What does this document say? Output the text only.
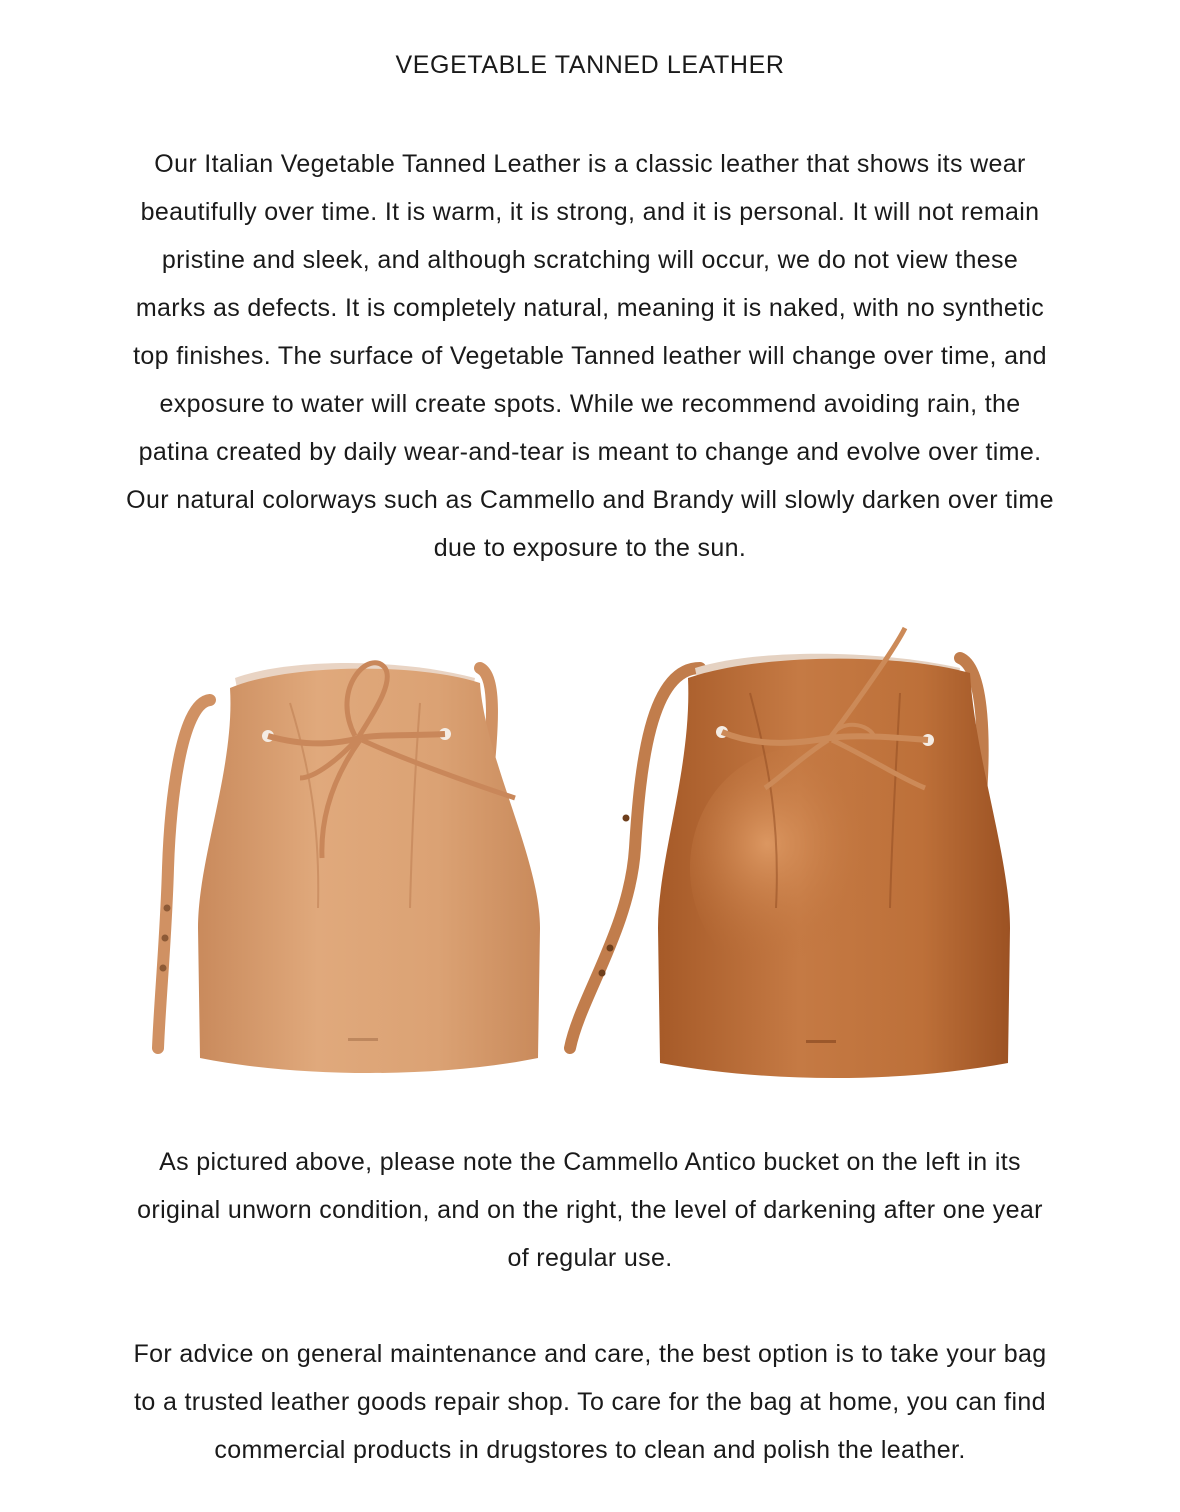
VEGETABLE TANNED LEATHER
Our Italian Vegetable Tanned Leather is a classic leather that shows its wear
beautifully over time. It is warm, it is strong, and it is personal. It will not remain
pristine and sleek, and although scratching will occur, we do not view these
marks as defects. It is completely natural, meaning it is naked, with no synthetic
top finishes. The surface of Vegetable Tanned leather will change over time, and
exposure to water will create spots. While we recommend avoiding rain, the
patina created by daily wear-and-tear is meant to change and evolve over time.
Our natural colorways such as Cammello and Brandy will slowly darken over time
due to exposure to the sun.
As pictured above, please note the Cammello Antico bucket on the left in its
original unworn condition, and on the right, the level of darkening after one year
of regular use.
For advice on general maintenance and care, the best option is to take your bag
to a trusted leather goods repair shop. To care for the bag at home, you can find
commercial products in drugstores to clean and polish the leather.
